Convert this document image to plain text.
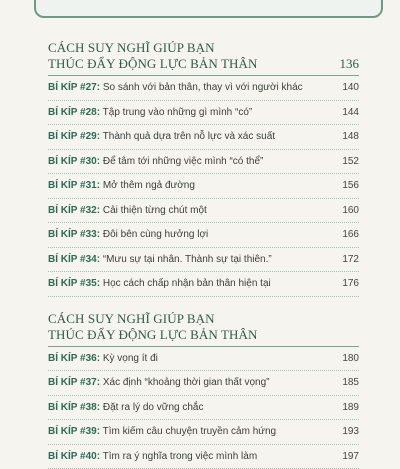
CÁCH SUY NGHĨ GIÚP BẠN
THÚC ĐẨY ĐỘNG LỰC BẢN THÂN	136
BÍ KÍP #27: So sánh với bản thân, thay vì với người khác	140
BÍ KÍP #28: Tập trung vào những gì mình “có”	144
BÍ KÍP #29: Thành quả dựa trên nỗ lực và xác suất	148
BÍ KÍP #30: Để tâm tới những việc mình “có thể”	152
BÍ KÍP #31: Mở thêm ngả đường	156
BÍ KÍP #32: Cải thiện từng chút một	160
BÍ KÍP #33: Đôi bên cùng hưởng lợi	166
BÍ KÍP #34: “Mưu sự tại nhân. Thành sự tại thiên.”	172
BÍ KÍP #35: Học cách chấp nhận bản thân hiện tại	176
CÁCH SUY NGHĨ GIÚP BẠN
THÚC ĐẨY ĐỘNG LỰC BẢN THÂN
BÍ KÍP #36: Kỳ vọng ít đi	180
BÍ KÍP #37: Xác định “khoảng thời gian thất vọng”	185
BÍ KÍP #38: Đặt ra lý do vững chắc	189
BÍ KÍP #39: Tìm kiếm câu chuyện truyền cảm hứng	193
BÍ KÍP #40: Tìm ra ý nghĩa trong việc mình làm	197
